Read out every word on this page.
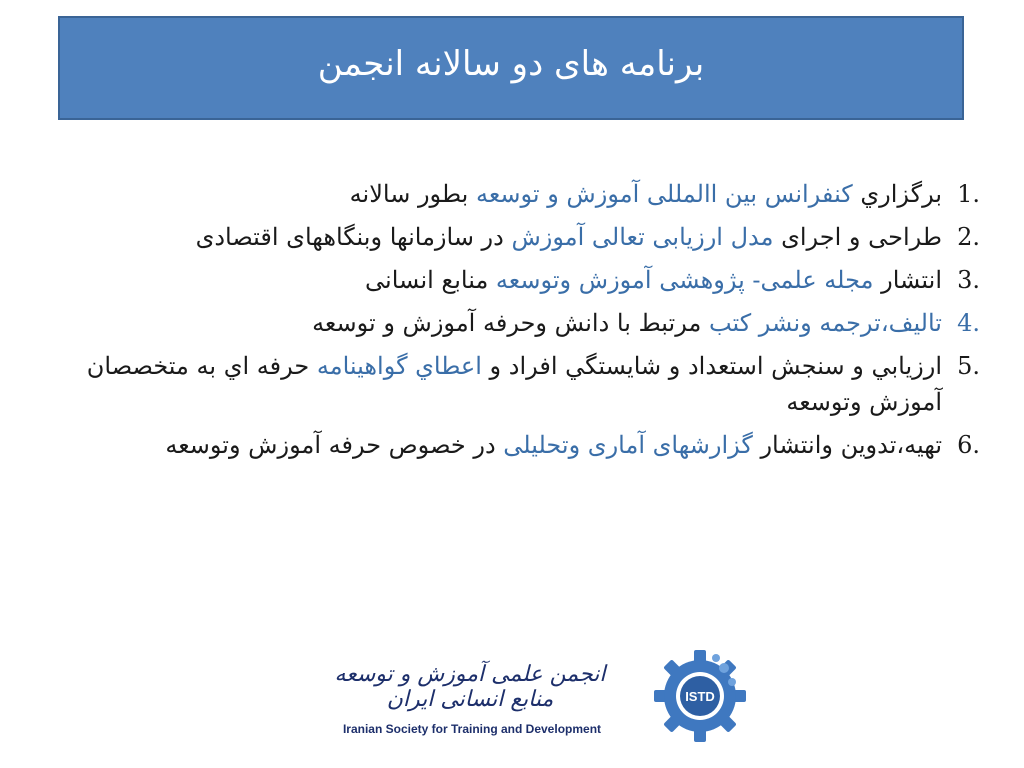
برنامه های دو سالانه انجمن
1.
برگزاري کنفرانس بین االمللی آموزش و توسعه بطور سالانه
2.
طراحی و اجرای مدل ارزیابی تعالی آموزش در سازمانها وبنگاههای اقتصادی
3.
انتشار مجله علمی- پژوهشی آموزش وتوسعه منابع انسانی
4.
تالیف،ترجمه ونشر کتب مرتبط با دانش وحرفه آموزش و توسعه
5.
ارزيابي و سنجش استعداد و شايستگي افراد و اعطاي گواهینامه حرفه اي به متخصصان آموزش وتوسعه
6.
تهیه،تدوین وانتشار گزارشهای آماری وتحلیلی در خصوص حرفه آموزش وتوسعه
انجمن علمی آموزش و توسعه منابع انسانی ایران
Iranian Society for Training and Development
ISTD
